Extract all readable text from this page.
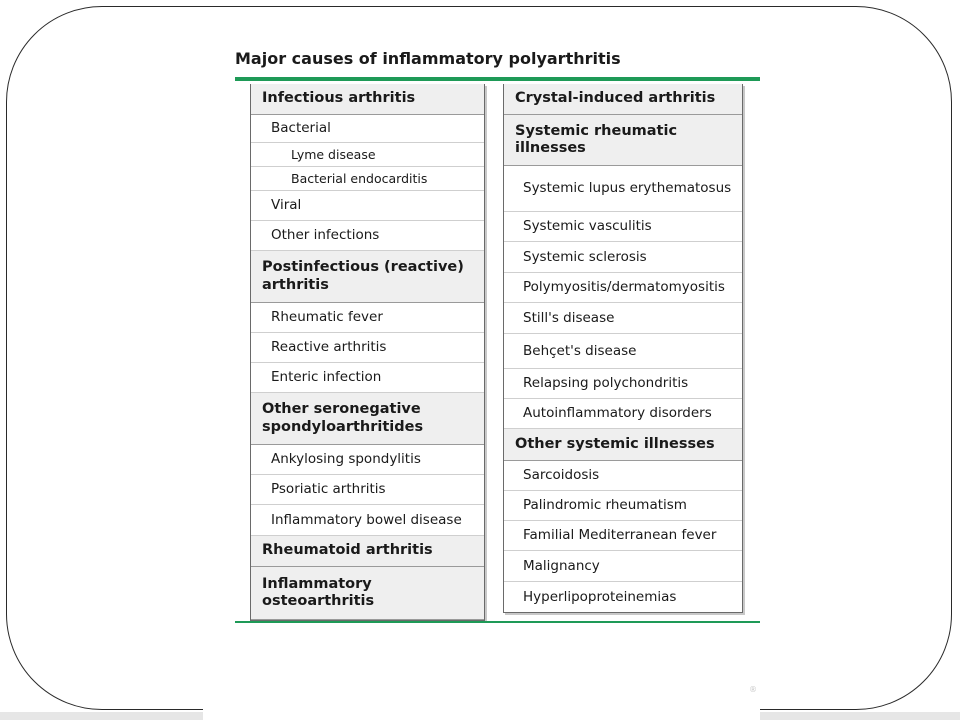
Major causes of inflammatory polyarthritis
Infectious arthritis
Bacterial
Lyme disease
Bacterial endocarditis
Viral
Other infections
Postinfectious (reactive) arthritis
Rheumatic fever
Reactive arthritis
Enteric infection
Other seronegative spondyloarthritides
Ankylosing spondylitis
Psoriatic arthritis
Inflammatory bowel disease
Rheumatoid arthritis
Inflammatory osteoarthritis
Crystal-induced arthritis
Systemic rheumatic illnesses
Systemic lupus erythematosus
Systemic vasculitis
Systemic sclerosis
Polymyositis/dermatomyositis
Still's disease
Behçet's disease
Relapsing polychondritis
Autoinflammatory disorders
Other systemic illnesses
Sarcoidosis
Palindromic rheumatism
Familial Mediterranean fever
Malignancy
Hyperlipoproteinemias
®
